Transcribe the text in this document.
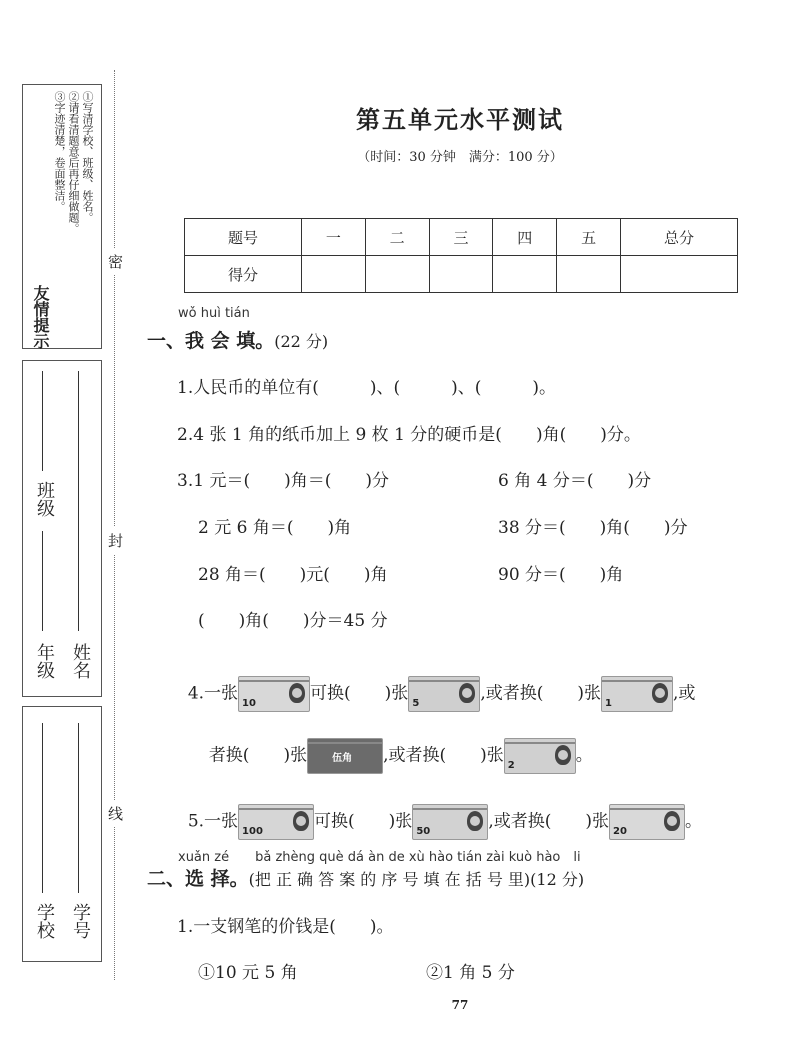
友情提示
①写清学校、班级、姓名。
②请看清题意后再仔细做题。
③字迹清楚，卷面整洁。
年级 姓名
班级
学校 学号
密
封
线
第五单元水平测试
（时间：30 分钟　满分：100 分）
题号	一	二	三	四	五	总分
得分						
wǒ huì tián
一、我 会 填。(22 分)
1.人民币的单位有(　　　)、(　　　)、(　　　)。
2.4 张 1 角的纸币加上 9 枚 1 分的硬币是(　　)角(　　)分。
3.1 元＝(　　)角＝(　　)分	6 角 4 分＝(　　)分
2 元 6 角＝(　　)角	38 分＝(　　)角(　　)分
28 角＝(　　)元(　　)角	90 分＝(　　)角
(　　)角(　　)分＝45 分

4.一张 10	可换(　　)张 5	,或者换(　　)张 1	,或

者换(　　)张	伍角 ,或者换(　　)张 2	。

5.一张 100	可换(　　)张 50	,或者换(　　)张 20	。

xuǎn zé　　bǎ zhèng què dá àn de xù hào tián zài kuò hào　li
二、选 择。(把 正 确 答 案 的 序 号 填 在 括 号 里)(12 分)
1.一支钢笔的价钱是(　　)。
①10 元 5 角	②1 角 5 分
77
